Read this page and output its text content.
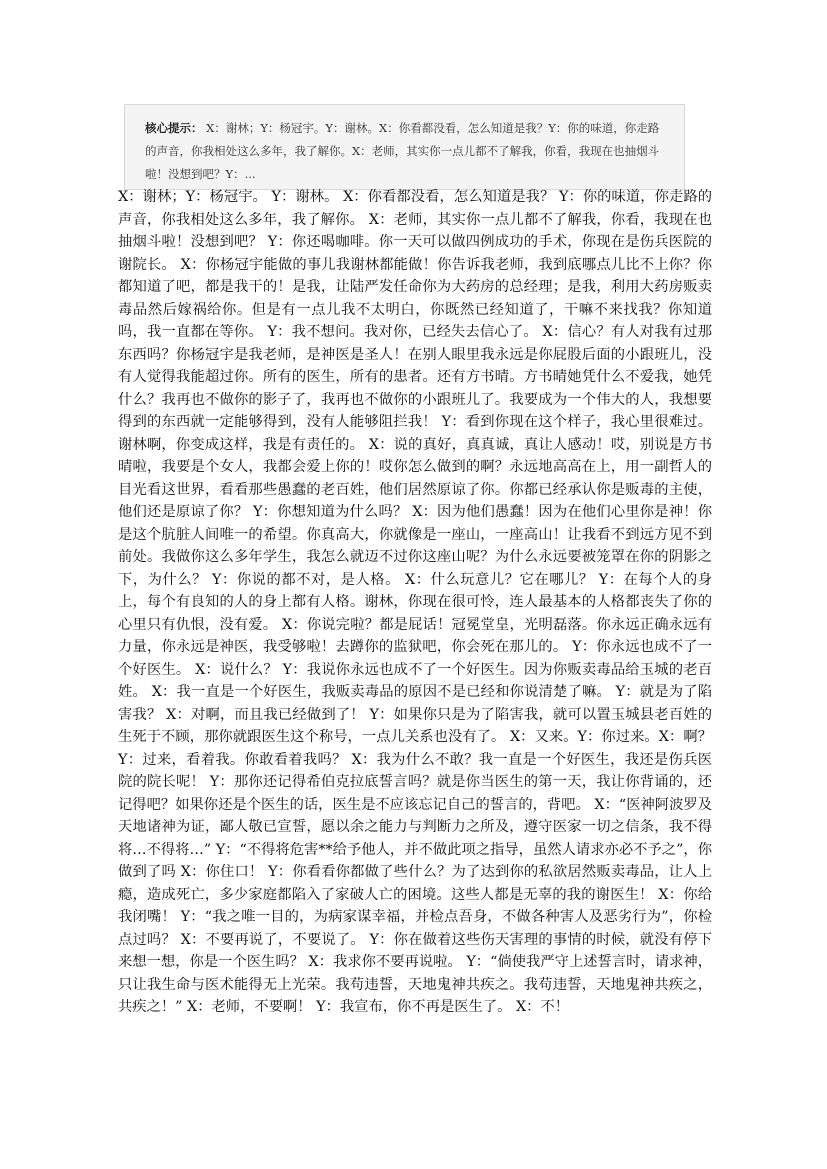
核心提示： X：谢林；Y：杨冠宇。Y：谢林。X：你看都没看，怎么知道是我？Y：你的味道，你走路的声音，你我相处这么多年，我了解你。X：老师，其实你一点儿都不了解我，你看，我现在也抽烟斗啦！没想到吧？Y：...
X：谢林；Y：杨冠宇。 Y：谢林。 X：你看都没看，怎么知道是我？ Y：你的味道，你走路的声音，你我相处这么多年，我了解你。 X：老师，其实你一点儿都不了解我，你看，我现在也抽烟斗啦！没想到吧？ Y：你还喝咖啡。你一天可以做四例成功的手术，你现在是伤兵医院的谢院长。 X：你杨冠宇能做的事儿我谢林都能做！你告诉我老师，我到底哪点儿比不上你？你都知道了吧，都是我干的！是我，让陆严发任命你为大药房的总经理；是我，利用大药房贩卖毒品然后嫁祸给你。但是有一点儿我不太明白，你既然已经知道了，干嘛不来找我？你知道吗，我一直都在等你。 Y：我不想问。我对你，已经失去信心了。 X：信心？有人对我有过那东西吗？你杨冠宇是我老师，是神医是圣人！在别人眼里我永远是你屁股后面的小跟班儿，没有人觉得我能超过你。所有的医生，所有的患者。还有方书晴。方书晴她凭什么不爱我，她凭什么？我再也不做你的影子了，我再也不做你的小跟班儿了。我要成为一个伟大的人，我想要得到的东西就一定能够得到，没有人能够阻拦我！ Y：看到你现在这个样子，我心里很难过。谢林啊，你变成这样，我是有责任的。 X：说的真好，真真诚，真让人感动！哎，别说是方书晴啦，我要是个女人，我都会爱上你的！哎你怎么做到的啊？永远地高高在上，用一副哲人的目光看这世界，看看那些愚蠢的老百姓，他们居然原谅了你。你都已经承认你是贩毒的主使，他们还是原谅了你？ Y：你想知道为什么吗？ X：因为他们愚蠢！因为在他们心里你是神！你是这个肮脏人间唯一的希望。你真高大，你就像是一座山，一座高山！让我看不到远方见不到前处。我做你这么多年学生，我怎么就迈不过你这座山呢？为什么永远要被笼罩在你的阴影之下，为什么？ Y：你说的都不对，是人格。 X：什么玩意儿？它在哪儿？ Y：在每个人的身上，每个有良知的人的身上都有人格。谢林，你现在很可怜，连人最基本的人格都丧失了你的心里只有仇恨，没有爱。 X：你说完啦？都是屁话！冠冕堂皇，光明磊落。你永远正确永远有力量，你永远是神医，我受够啦！去蹲你的监狱吧，你会死在那儿的。 Y：你永远也成不了一个好医生。 X：说什么？ Y：我说你永远也成不了一个好医生。因为你贩卖毒品给玉城的老百姓。 X：我一直是一个好医生，我贩卖毒品的原因不是已经和你说清楚了嘛。 Y：就是为了陷害我？ X：对啊，而且我已经做到了！ Y：如果你只是为了陷害我，就可以置玉城县老百姓的生死于不顾，那你就跟医生这个称号，一点儿关系也没有了。 X：又来。Y：你过来。X：啊？ Y：过来，看着我。你敢看着我吗？ X：我为什么不敢？我一直是一个好医生，我还是伤兵医院的院长呢！ Y：那你还记得希伯克拉底誓言吗？就是你当医生的第一天，我让你背诵的，还记得吧？如果你还是个医生的话，医生是不应该忘记自己的誓言的，背吧。 X：“医神阿波罗及天地诸神为证，鄙人敬已宣誓，愿以余之能力与判断力之所及，遵守医家一切之信条，我不得将…不得将…” Y：“不得将危害**给予他人，并不做此项之指导，虽然人请求亦必不予之”，你做到了吗 X：你住口！ Y：你看看你都做了些什么？为了达到你的私欲居然贩卖毒品，让人上瘾，造成死亡，多少家庭都陷入了家破人亡的困境。这些人都是无辜的我的谢医生！ X：你给我闭嘴！ Y：“我之唯一目的，为病家谋幸福，并检点吾身，不做各种害人及恶劣行为”，你检点过吗？ X：不要再说了，不要说了。 Y：你在做着这些伤天害理的事情的时候，就没有停下来想一想，你是一个医生吗？ X：我求你不要再说啦。 Y：“倘使我严守上述誓言时，请求神，只让我生命与医术能得无上光荣。我苟违誓，天地鬼神共疾之。我苟违誓，天地鬼神共疾之，共疾之！” X：老师，不要啊！ Y：我宣布，你不再是医生了。 X：不！
